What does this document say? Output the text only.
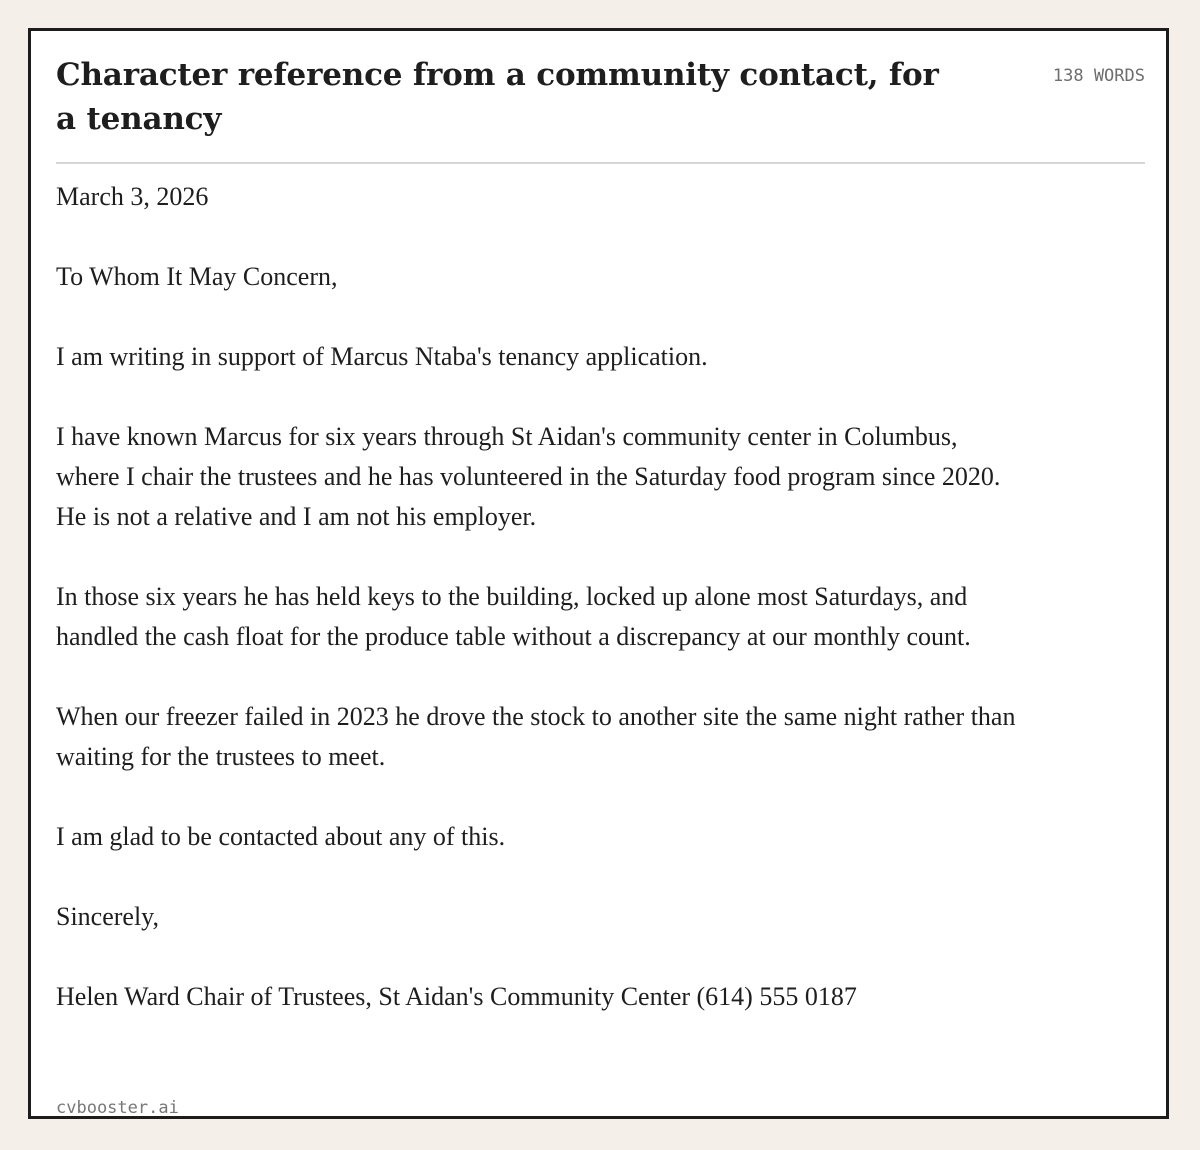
Character reference from a community contact, for a tenancy
138 WORDS

March 3, 2026

To Whom It May Concern,

I am writing in support of Marcus Ntaba's tenancy application.

I have known Marcus for six years through St Aidan's community center in Columbus, where I chair the trustees and he has volunteered in the Saturday food program since 2020. He is not a relative and I am not his employer.

In those six years he has held keys to the building, locked up alone most Saturdays, and handled the cash float for the produce table without a discrepancy at our monthly count.

When our freezer failed in 2023 he drove the stock to another site the same night rather than waiting for the trustees to meet.

I am glad to be contacted about any of this.

Sincerely,

Helen Ward Chair of Trustees, St Aidan's Community Center (614) 555 0187

cvbooster.ai
